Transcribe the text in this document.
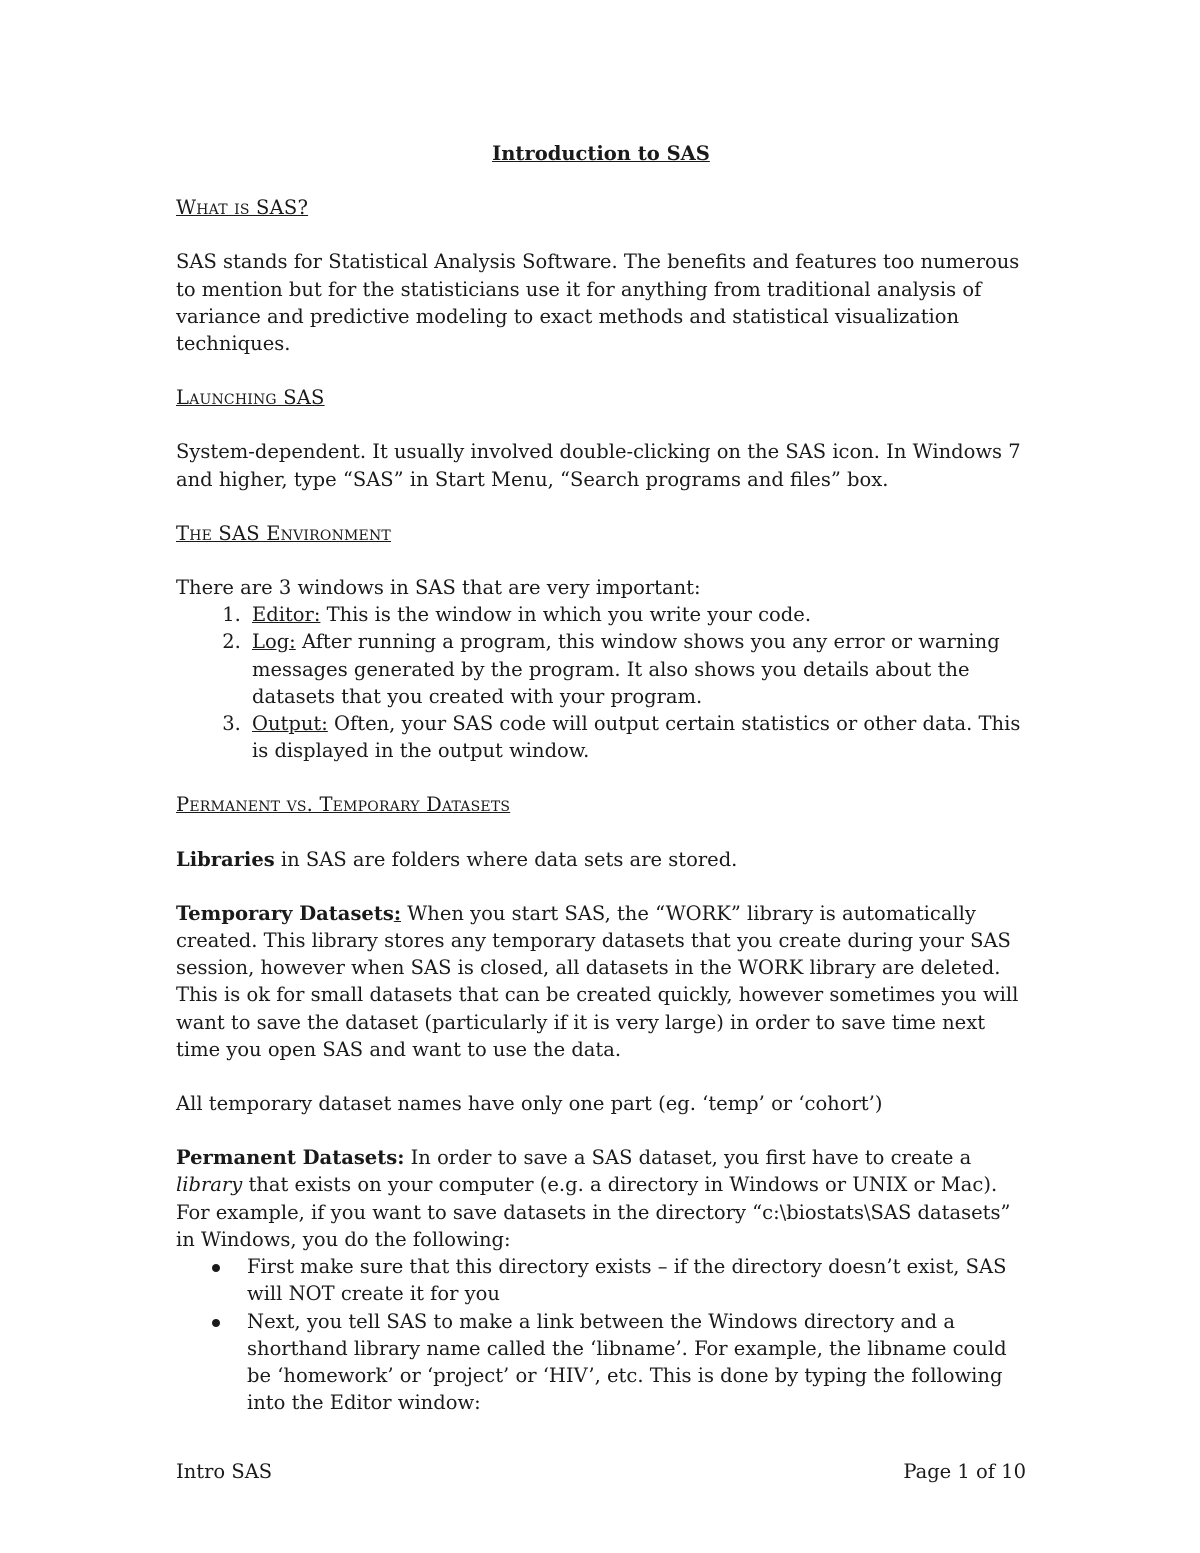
Introduction to SAS
What is SAS?

SAS stands for Statistical Analysis Software. The benefits and features too numerous to mention but for the statisticians use it for anything from traditional analysis of variance and predictive modeling to exact methods and statistical visualization techniques.

Launching SAS

System-dependent. It usually involved double-clicking on the SAS icon. In Windows 7 and higher, type “SAS” in Start Menu, “Search programs and files” box.

The SAS Environment

There are 3 windows in SAS that are very important:

1. Editor: This is the window in which you write your code.
2. Log: After running a program, this window shows you any error or warning messages generated by the program. It also shows you details about the datasets that you created with your program.
3. Output: Often, your SAS code will output certain statistics or other data. This is displayed in the output window.
Permanent vs. Temporary Datasets

Libraries in SAS are folders where data sets are stored.

Temporary Datasets: When you start SAS, the “WORK” library is automatically created. This library stores any temporary datasets that you create during your SAS session, however when SAS is closed, all datasets in the WORK library are deleted. This is ok for small datasets that can be created quickly, however sometimes you will want to save the dataset (particularly if it is very large) in order to save time next time you open SAS and want to use the data.

All temporary dataset names have only one part (eg. ‘temp’ or ‘cohort’)

Permanent Datasets: In order to save a SAS dataset, you first have to create a library that exists on your computer (e.g. a directory in Windows or UNIX or Mac). For example, if you want to save datasets in the directory “c:\biostats\SAS datasets” in Windows, you do the following:

First make sure that this directory exists – if the directory doesn’t exist, SAS will NOT create it for you
Next, you tell SAS to make a link between the Windows directory and a shorthand library name called the ‘libname’. For example, the libname could be ‘homework’ or ‘project’ or ‘HIV’, etc. This is done by typing the following into the Editor window:
Intro SAS	Page 1 of 10
